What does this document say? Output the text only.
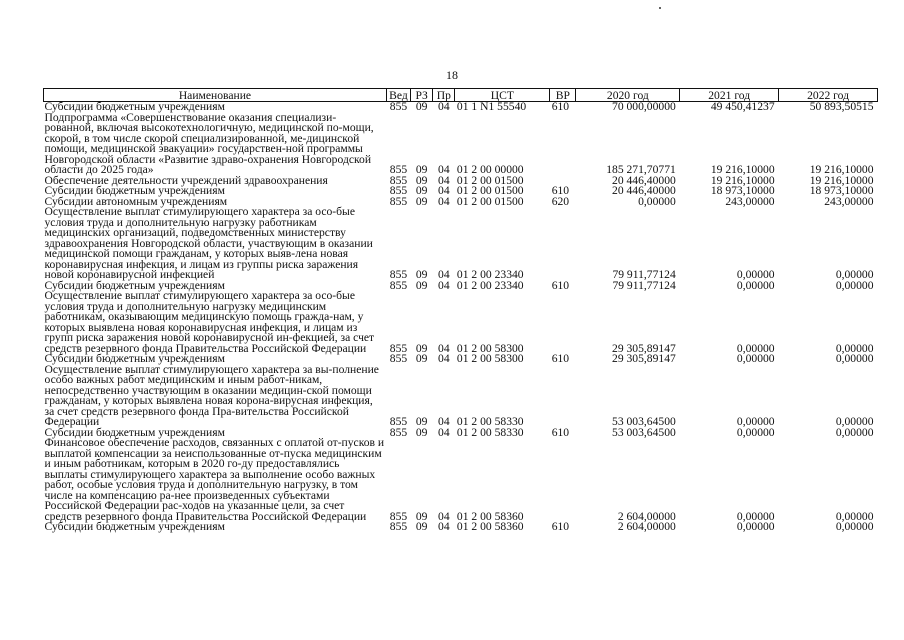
18
Наименование	Вед	РЗ	Пр	ЦСТ	ВР	2020 год	2021 год	2022 год
Субсидии бюджетным учреждениям	855	09	04	01 1 N1 55540	610	70 000,00000	49 450,41237	50 893,50515
Подпрограмма «Совершенствование оказания специализи-рованной, включая высокотехнологичную, медицинской по-мощи, скорой, в том числе скорой специализированной, ме-дицинской помощи, медицинской эвакуации» государствен-ной программы Новгородской области «Развитие здраво-охранения Новгородской области до 2025 года»	855	09	04	01 2 00 00000		185 271,70771	19 216,10000	19 216,10000
Обеспечение деятельности учреждений здравоохранения	855	09	04	01 2 00 01500		20 446,40000	19 216,10000	19 216,10000
Субсидии бюджетным учреждениям	855	09	04	01 2 00 01500	610	20 446,40000	18 973,10000	18 973,10000
Субсидии автономным учреждениям	855	09	04	01 2 00 01500	620	0,00000	243,00000	243,00000
Осуществление выплат стимулирующего характера за осо-бые условия труда и дополнительную нагрузку работникам медицинских организаций, подведомственных министерству здравоохранения Новгородской области, участвующим в оказании медицинской помощи гражданам, у которых выяв-лена новая коронавирусная инфекция, и лицам из группы риска заражения новой коронавирусной инфекцией	855	09	04	01 2 00 23340		79 911,77124	0,00000	0,00000
Субсидии бюджетным учреждениям	855	09	04	01 2 00 23340	610	79 911,77124	0,00000	0,00000
Осуществление выплат стимулирующего характера за осо-бые условия труда и дополнительную нагрузку медицинским работникам, оказывающим медицинскую помощь гражда-нам, у которых выявлена новая коронавирусная инфекция, и лицам из групп риска заражения новой коронавирусной ин-фекцией, за счет средств резервного фонда Правительства Российской Федерации	855	09	04	01 2 00 58300		29 305,89147	0,00000	0,00000
Субсидии бюджетным учреждениям	855	09	04	01 2 00 58300	610	29 305,89147	0,00000	0,00000
Осуществление выплат стимулирующего характера за вы-полнение особо важных работ медицинским и иным работ-никам, непосредственно участвующим в оказании медицин-ской помощи гражданам, у которых выявлена новая корона-вирусная инфекция, за счет средств резервного фонда Пра-вительства Российской Федерации	855	09	04	01 2 00 58330		53 003,64500	0,00000	0,00000
Субсидии бюджетным учреждениям	855	09	04	01 2 00 58330	610	53 003,64500	0,00000	0,00000
Финансовое обеспечение расходов, связанных с оплатой от-пусков и выплатой компенсации за неиспользованные от-пуска медицинским и иным работникам, которым в 2020 го-ду предоставлялись выплаты стимулирующего характера за выполнение особо важных работ, особые условия труда и дополнительную нагрузку, в том числе на компенсацию ра-нее произведенных субъектами Российской Федерации рас-ходов на указанные цели, за счет средств резервного фонда Правительства Российской Федерации	855	09	04	01 2 00 58360		2 604,00000	0,00000	0,00000
Субсидии бюджетным учреждениям	855	09	04	01 2 00 58360	610	2 604,00000	0,00000	0,00000
